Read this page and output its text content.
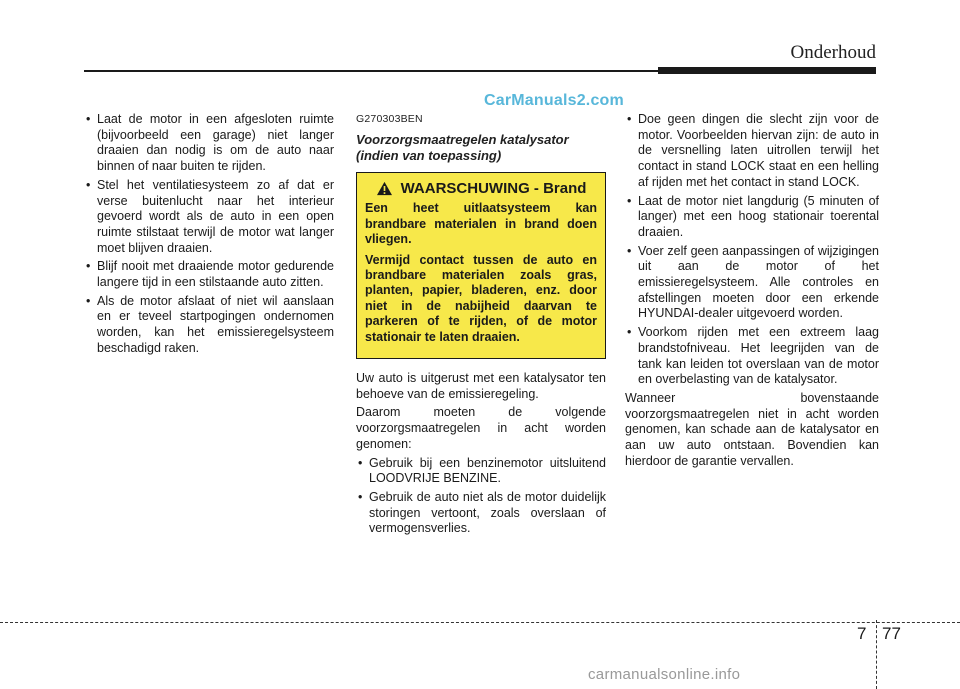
Onderhoud
CarManuals2.com
• Laat de motor in een afgesloten ruimte (bijvoorbeeld een garage) niet langer draaien dan nodig is om de auto naar binnen of naar buiten te rijden.
• Stel het ventilatiesysteem zo af dat er verse buitenlucht naar het interieur gevoerd wordt als de auto in een open ruimte stilstaat terwijl de motor wat langer moet blijven draaien.
• Blijf nooit met draaiende motor gedurende langere tijd in een stilstaande auto zitten.
• Als de motor afslaat of niet wil aanslaan en er teveel startpogingen ondernomen worden, kan het emissieregelsysteem beschadigd raken.
G270303BEN
Voorzorgsmaatregelen katalysator
(indien van toepassing)
WAARSCHUWING - Brand

Een heet uitlaatsysteem kan brandbare materialen in brand doen vliegen.

Vermijd contact tussen de auto en brandbare materialen zoals gras, planten, papier, bladeren, enz. door niet in de nabijheid daarvan te parkeren of te rijden, of de motor stationair te laten draaien.

Uw auto is uitgerust met een katalysator ten behoeve van de emissieregeling.

Daarom moeten de volgende voorzorgsmaatregelen in acht worden genomen:

• Gebruik bij een benzinemotor uitsluitend LOODVRIJE BENZINE.
• Gebruik de auto niet als de motor duidelijk storingen vertoont, zoals overslaan of vermogensverlies.
• Doe geen dingen die slecht zijn voor de motor. Voorbeelden hiervan zijn: de auto in de versnelling laten uitrollen terwijl het contact in stand LOCK staat en een helling af rijden met het contact in stand LOCK.
• Laat de motor niet langdurig (5 minuten of langer) met een hoog stationair toerental draaien.
• Voer zelf geen aanpassingen of wijzigingen uit aan de motor of het emissieregelsysteem. Alle controles en afstellingen moeten door een erkende HYUNDAI-dealer uitgevoerd worden.
• Voorkom rijden met een extreem laag brandstofniveau. Het leegrijden van de tank kan leiden tot overslaan van de motor en overbelasting van de katalysator.

Wanneer bovenstaande voorzorgsmaatregelen niet in acht worden genomen, kan schade aan de katalysator en aan uw auto ontstaan. Bovendien kan hierdoor de garantie vervallen.

7 77
carmanualsonline.info
